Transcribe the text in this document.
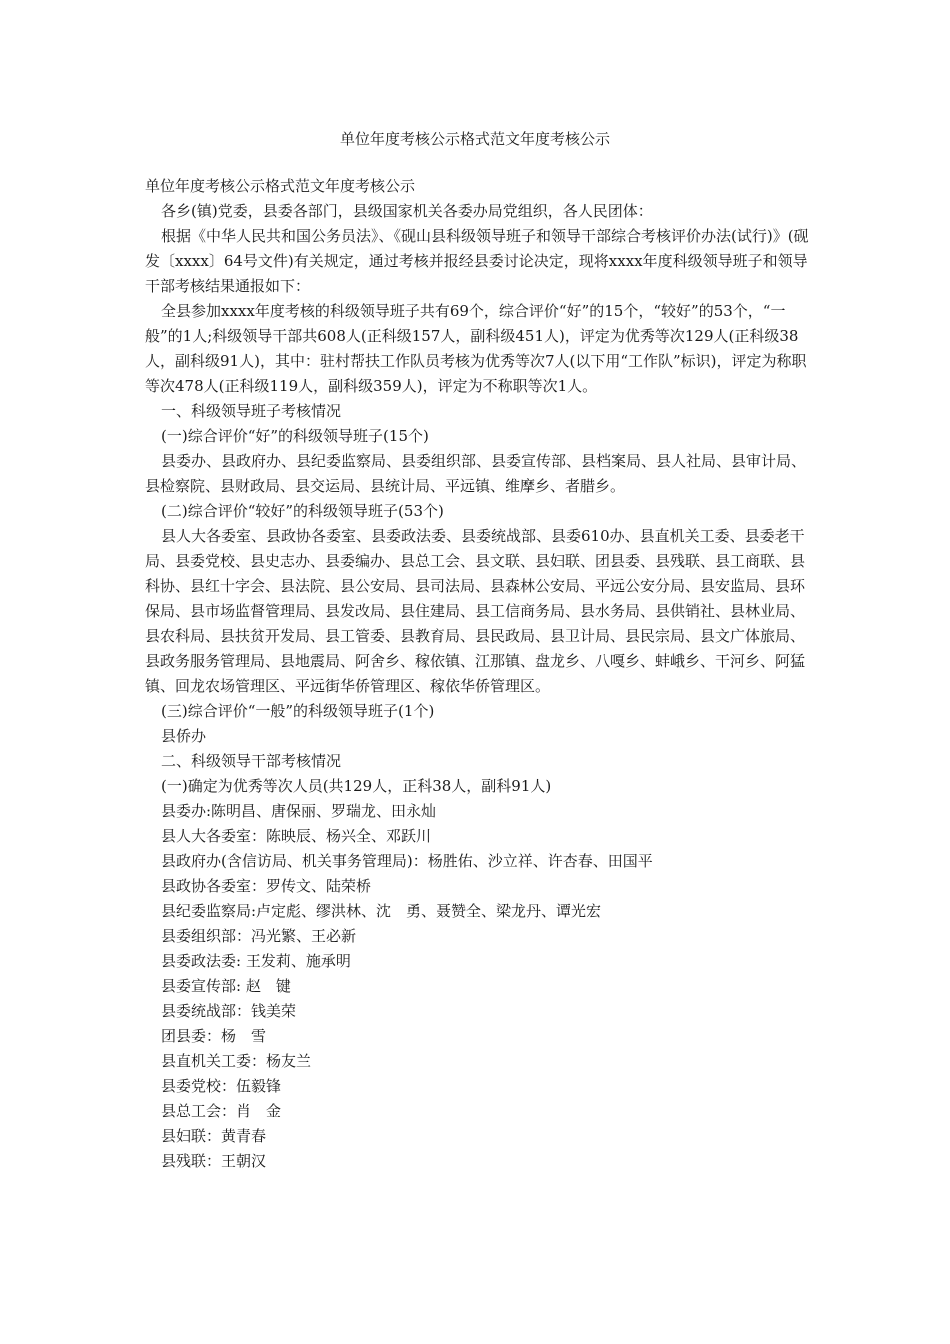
单位年度考核公示格式范文年度考核公示

单位年度考核公示格式范文年度考核公示

各乡(镇)党委，县委各部门，县级国家机关各委办局党组织，各人民团体：

根据《中华人民共和国公务员法》、《砚山县科级领导班子和领导干部综合考核评价办法(试行)》(砚发〔xxxx〕64号文件)有关规定，通过考核并报经县委讨论决定，现将xxxx年度科级领导班子和领导干部考核结果通报如下：

全县参加xxxx年度考核的科级领导班子共有69个，综合评价“好”的15个，“较好”的53个，“一般”的1人;科级领导干部共608人(正科级157人，副科级451人)，评定为优秀等次129人(正科级38人，副科级91人)，其中：驻村帮扶工作队员考核为优秀等次7人(以下用“工作队”标识)，评定为称职等次478人(正科级119人，副科级359人)，评定为不称职等次1人。

一、科级领导班子考核情况

(一)综合评价“好”的科级领导班子(15个)

县委办、县政府办、县纪委监察局、县委组织部、县委宣传部、县档案局、县人社局、县审计局、县检察院、县财政局、县交运局、县统计局、平远镇、维摩乡、者腊乡。

(二)综合评价“较好”的科级领导班子(53个)

县人大各委室、县政协各委室、县委政法委、县委统战部、县委610办、县直机关工委、县委老干局、县委党校、县史志办、县委编办、县总工会、县文联、县妇联、团县委、县残联、县工商联、县科协、县红十字会、县法院、县公安局、县司法局、县森林公安局、平远公安分局、县安监局、县环保局、县市场监督管理局、县发改局、县住建局、县工信商务局、县水务局、县供销社、县林业局、县农科局、县扶贫开发局、县工管委、县教育局、县民政局、县卫计局、县民宗局、县文广体旅局、县政务服务管理局、县地震局、阿舍乡、稼依镇、江那镇、盘龙乡、八嘎乡、蚌峨乡、干河乡、阿猛镇、回龙农场管理区、平远街华侨管理区、稼依华侨管理区。

(三)综合评价“一般”的科级领导班子(1个)

县侨办

二、科级领导干部考核情况

(一)确定为优秀等次人员(共129人，正科38人，副科91人)

县委办:陈明昌、唐保丽、罗瑞龙、田永灿

县人大各委室：陈映辰、杨兴全、邓跃川

县政府办(含信访局、机关事务管理局)：杨胜佑、沙立祥、许杏春、田国平

县政协各委室：罗传文、陆荣桥

县纪委监察局:卢定彪、缪洪林、沈　勇、聂赞全、梁龙丹、谭光宏

县委组织部：冯光繁、王必新

县委政法委: 王发莉、施承明

县委宣传部: 赵　键

县委统战部：钱美荣

团县委：杨　雪

县直机关工委：杨友兰

县委党校：伍毅锋

县总工会：肖　金

县妇联：黄青春

县残联：王朝汉
